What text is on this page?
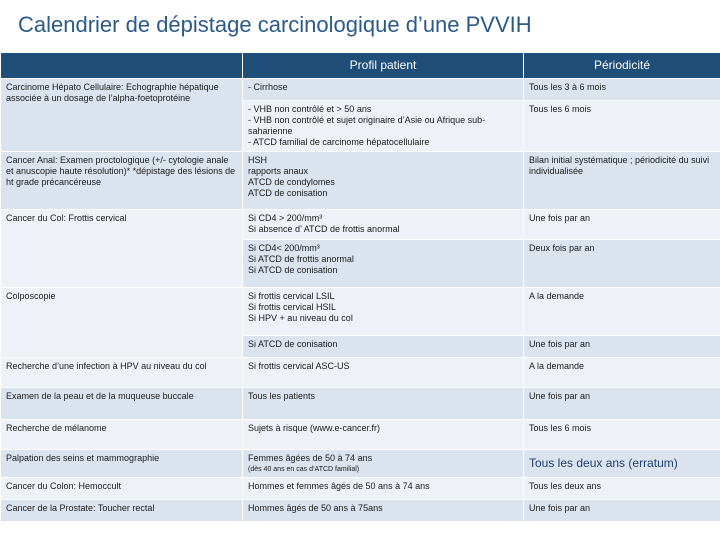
Calendrier de dépistage carcinologique d’une PVVIH
	Profil patient	Périodicité
Carcinome Hépato Cellulaire: Echographie hépatique associée à un dosage de l’alpha-foetoprotéine	- Cirrhose	Tous les 3 à 6 mois

	- VHB non contrôlé et > 50 ans
- VHB non contrôlé et sujet originaire d’Asie ou Afrique sub-saharienne
- ATCD familial de carcinome hépatocellulaire	Tous les 6 mois
Cancer Anal: Examen proctologique (+/- cytologie anale et anuscopie haute résolution)* *dépistage des lésions de ht grade précancéreuse	HSH
rapports anaux
ATCD de condylomes
ATCD de conisation	Bilan initial systématique ; périodicité du suivi individualisée
Cancer du Col: Frottis cervical	Si CD4 > 200/mm³
Si absence d’ ATCD de frottis anormal	Une fois par an

	Si CD4< 200/mm³
Si ATCD de frottis anormal
Si ATCD de conisation	Deux fois par an
Colposcopie	Si frottis cervical LSIL
Si frottis cervical HSIL
Si HPV + au niveau du col	A la demande

	Si ATCD de conisation	Une fois par an
Recherche d’une infection à HPV au niveau du col	Si frottis cervical ASC-US	A la demande
Examen de la peau et de la muqueuse buccale	Tous les patients	Une fois par an
Recherche de mélanome	Sujets à risque (www.e-cancer.fr)	Tous les 6 mois
Palpation des seins et mammographie	Femmes âgées de 50 à 74 ans
(dès 40 ans en cas d’ATCD familial)	Tous les deux ans (erratum)
Cancer du Colon: Hemoccult	Hommes et femmes âgés de 50 ans à 74 ans	Tous les deux ans
Cancer de la Prostate: Toucher rectal	Hommes âgés de 50 ans à 75ans	Une fois par an
